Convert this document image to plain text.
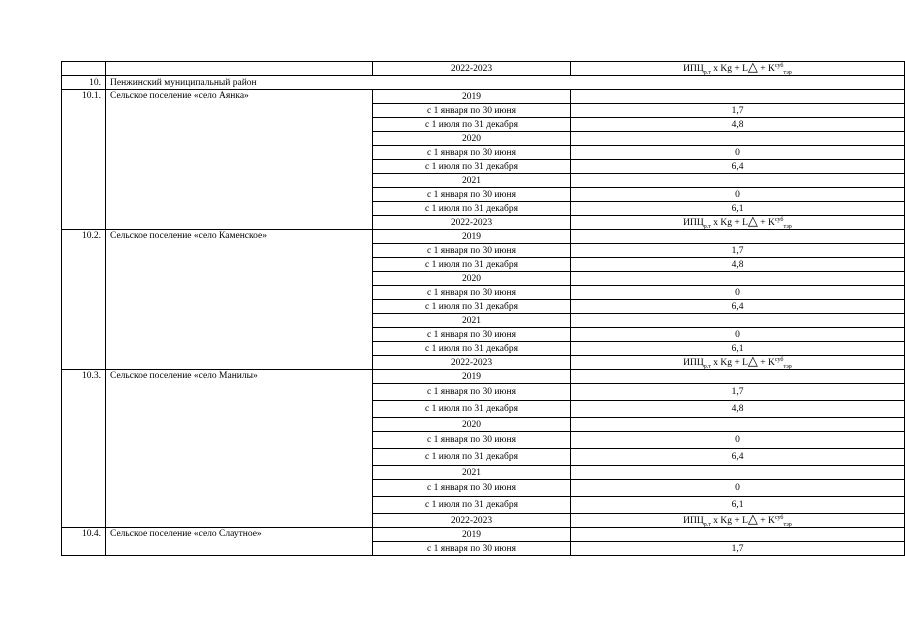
		2022-2023	$ИПЦ_{р.т}$ x Kg + L△ + $K^{суб}_{тэр}$
10.	Пенжинский муниципальный район		
10.1.	Сельское поселение «село Аянка»	2019	
		с 1 января по 30 июня	1,7
		с 1 июля по 31 декабря	4,8
		2020	
		с 1 января по 30 июня	0
		с 1 июля по 31 декабря	6,4
		2021	
		с 1 января по 30 июня	0
		с 1 июля по 31 декабря	6,1
		2022-2023	$ИПЦ_{р.т}$ x Kg + L△ + $K^{суб}_{тэр}$
10.2.	Сельское поселение «село Каменское»	2019	
		с 1 января по 30 июня	1,7
		с 1 июля по 31 декабря	4,8
		2020	
		с 1 января по 30 июня	0
		с 1 июля по 31 декабря	6,4
		2021	
		с 1 января по 30 июня	0
		с 1 июля по 31 декабря	6,1
		2022-2023	$ИПЦ_{р.т}$ x Kg + L△ + $K^{суб}_{тэр}$
10.3.	Сельское поселение «село Манилы»	2019	
		с 1 января по 30 июня	1,7
		с 1 июля по 31 декабря	4,8
		2020	
		с 1 января по 30 июня	0
		с 1 июля по 31 декабря	6,4
		2021	
		с 1 января по 30 июня	0
		с 1 июля по 31 декабря	6,1
		2022-2023	$ИПЦ_{р.т}$ x Kg + L△ + $K^{суб}_{тэр}$
10.4.	Сельское поселение «село Слаутное»	2019	
		с 1 января по 30 июня	1,7
